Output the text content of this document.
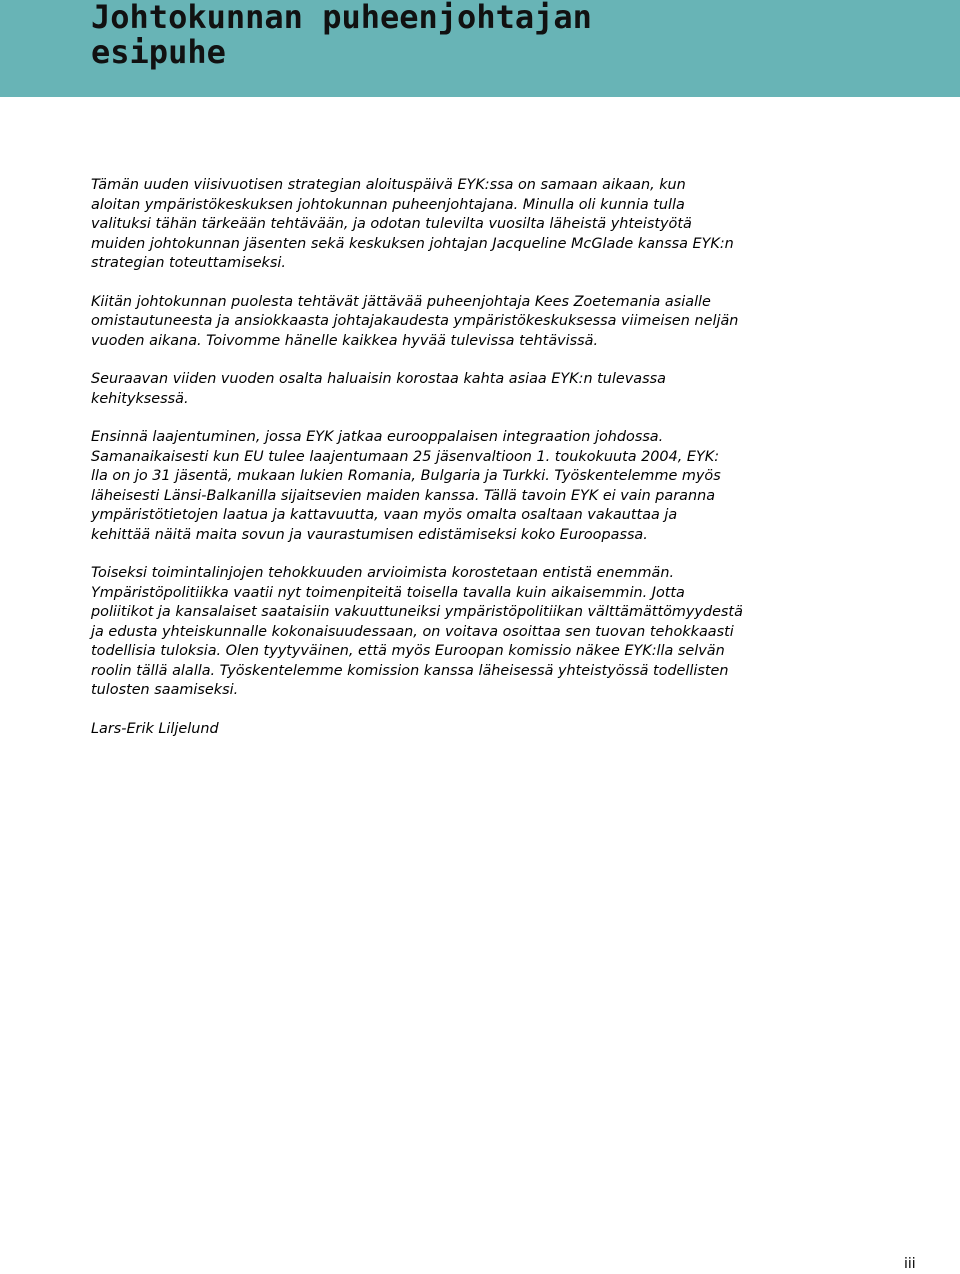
Johtokunnan puheenjohtajan
esipuhe

Tämän uuden viisivuotisen strategian aloituspäivä EYK:ssa on samaan aikaan, kun
aloitan ympäristökeskuksen johtokunnan puheenjohtajana. Minulla oli kunnia tulla
valituksi tähän tärkeään tehtävään, ja odotan tulevilta vuosilta läheistä yhteistyötä
muiden johtokunnan jäsenten sekä keskuksen johtajan Jacqueline McGlade kanssa EYK:n
strategian toteuttamiseksi.

Kiitän johtokunnan puolesta tehtävät jättävää puheenjohtaja Kees Zoetemania asialle
omistautuneesta ja ansiokkaasta johtajakaudesta ympäristökeskuksessa viimeisen neljän
vuoden aikana. Toivomme hänelle kaikkea hyvää tulevissa tehtävissä.

Seuraavan viiden vuoden osalta haluaisin korostaa kahta asiaa EYK:n tulevassa
kehityksessä.

Ensinnä laajentuminen, jossa EYK jatkaa eurooppalaisen integraation johdossa.
Samanaikaisesti kun EU tulee laajentumaan 25 jäsenvaltioon 1. toukokuuta 2004, EYK:
lla on jo 31 jäsentä, mukaan lukien Romania, Bulgaria ja Turkki. Työskentelemme myös
läheisesti Länsi-Balkanilla sijaitsevien maiden kanssa. Tällä tavoin EYK ei vain paranna
ympäristötietojen laatua ja kattavuutta, vaan myös omalta osaltaan vakauttaa ja
kehittää näitä maita sovun ja vaurastumisen edistämiseksi koko Euroopassa.

Toiseksi toimintalinjojen tehokkuuden arvioimista korostetaan entistä enemmän.
Ympäristöpolitiikka vaatii nyt toimenpiteitä toisella tavalla kuin aikaisemmin. Jotta
poliitikot ja kansalaiset saataisiin vakuuttuneiksi ympäristöpolitiikan välttämättömyydestä
ja edusta yhteiskunnalle kokonaisuudessaan, on voitava osoittaa sen tuovan tehokkaasti
todellisia tuloksia. Olen tyytyväinen, että myös Euroopan komissio näkee EYK:lla selvän
roolin tällä alalla. Työskentelemme komission kanssa läheisessä yhteistyössä todellisten
tulosten saamiseksi.

Lars-Erik Liljelund

iii
